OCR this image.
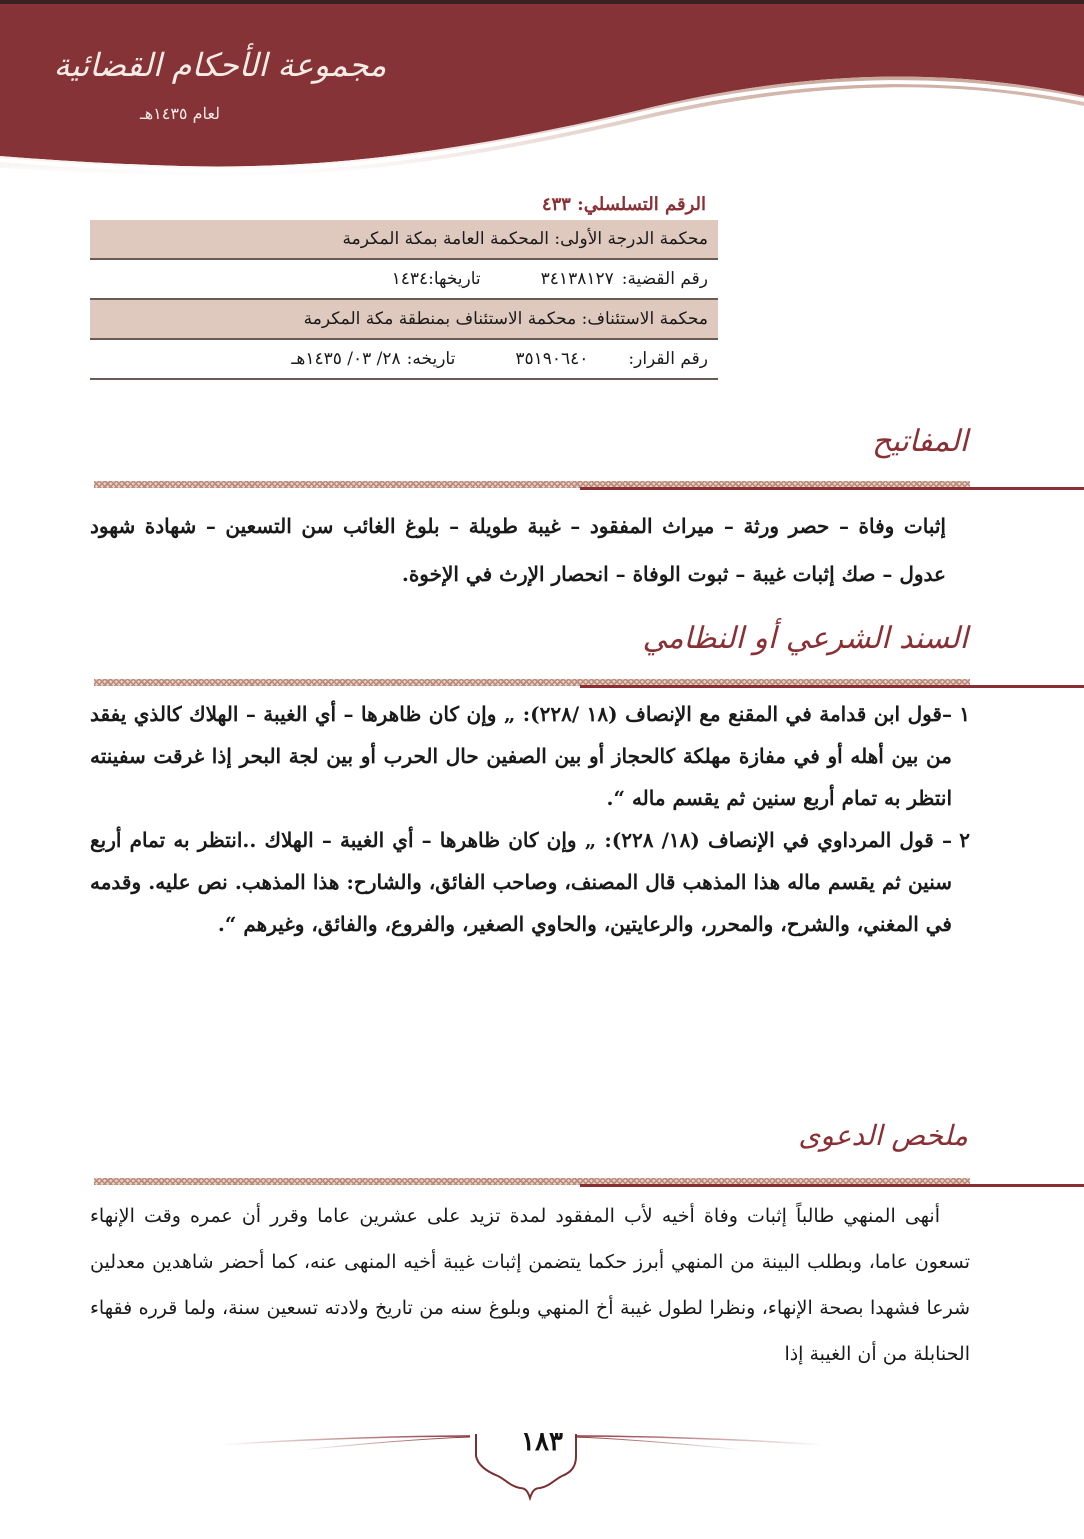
مجموعة الأحكام القضائية
لعام ١٤٣٥هـ
الرقم التسلسلي: ٤٣٣
محكمة الدرجة الأولى: المحكمة العامة بمكة المكرمة
رقم القضية:
٣٤١٣٨١٢٧
تاريخها:
١٤٣٤
محكمة الاستئناف: محكمة الاستئناف بمنطقة مكة المكرمة
رقم القرار:
٣٥١٩٠٦٤٠
تاريخه:
٢٨/ ٠٣/ ١٤٣٥هـ
المفاتيح
إثبات وفاة – حصر ورثة – ميراث المفقود – غيبة طويلة – بلوغ الغائب سن التسعين – شهادة شهود عدول – صك إثبات غيبة – ثبوت الوفاة – انحصار الإرث في الإخوة.
السند الشرعي أو النظامي
١
–قول ابن قدامة في المقنع مع الإنصاف (١٨ /٢٢٨): „ وإن كان ظاهرها – أي الغيبة – الهلاك كالذي يفقد من بين أهله أو في مفازة مهلكة كالحجاز أو بين الصفين حال الحرب أو بين لجة البحر إذا غرقت سفينته انتظر به تمام أربع سنين ثم يقسم ماله “.
٢
– قول المرداوي في الإنصاف (١٨/ ٢٢٨): „ وإن كان ظاهرها – أي الغيبة – الهلاك ..انتظر به تمام أربع سنين ثم يقسم ماله هذا المذهب قال المصنف، وصاحب الفائق، والشارح: هذا المذهب. نص عليه. وقدمه في المغني، والشرح، والمحرر، والرعايتين، والحاوي الصغير، والفروع، والفائق، وغيرهم “.
ملخص الدعوى
أنهى المنهي طالباً إثبات وفاة أخيه لأب المفقود لمدة تزيد على عشرين عاما وقرر أن عمره وقت الإنهاء تسعون عاما، وبطلب البينة من المنهي أبرز حكما يتضمن إثبات غيبة أخيه المنهى عنه، كما أحضر شاهدين معدلين شرعا فشهدا بصحة الإنهاء، ونظرا لطول غيبة أخ المنهي وبلوغ سنه من تاريخ ولادته تسعين سنة، ولما قرره فقهاء الحنابلة من أن الغيبة إذا
١٨٣
